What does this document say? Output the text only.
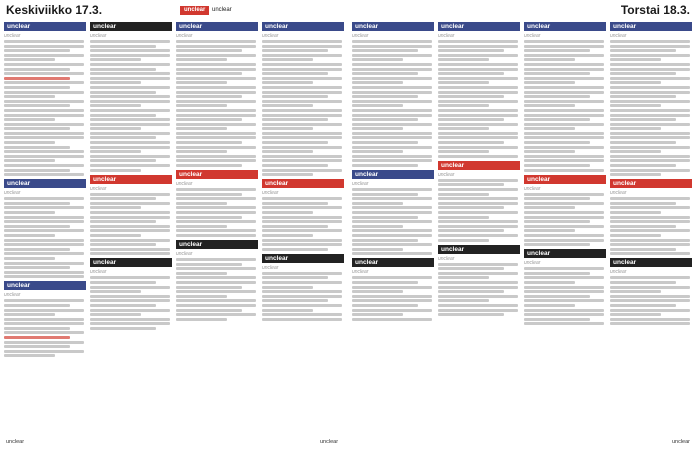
Keskiviikko 17.3.	unclear	unclear	Torstai 18.3.
unclear
unclear
unclear
unclear
unclear
unclear
unclear
unclear
unclear
unclear
unclear
unclear
unclear
unclear
unclear
unclear
unclear
unclear
unclear
unclear
unclear
unclear
unclear
unclear
unclear
unclear
unclear
unclear
unclear
unclear
unclear
unclear
unclear
unclear
unclear
unclear
unclear
unclear
unclear
unclear
unclear
unclear
unclear
unclear
unclear
unclear
unclear
unclear
unclear	unclear	unclear
